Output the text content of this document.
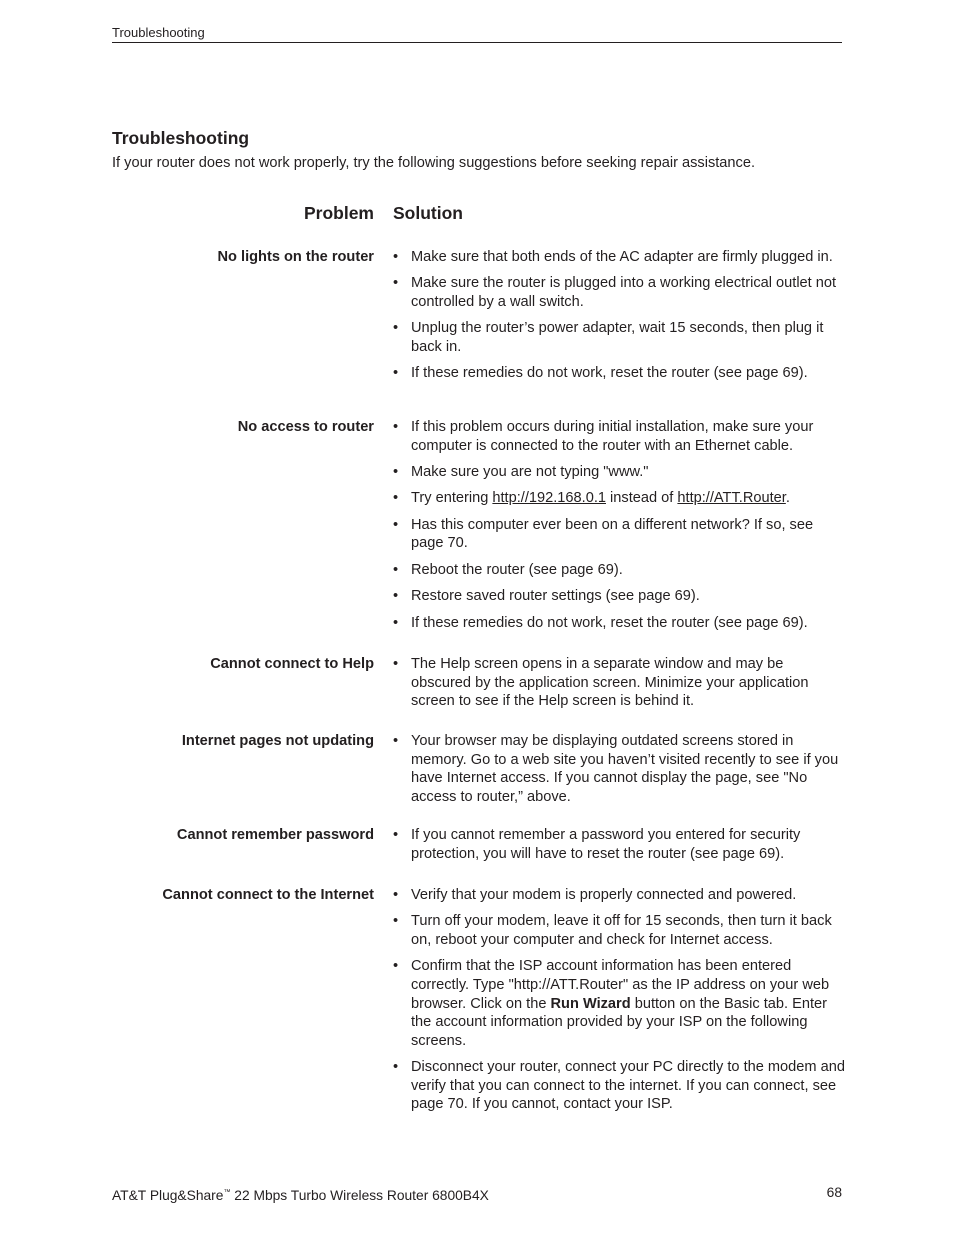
Troubleshooting
Troubleshooting

If your router does not work properly, try the following suggestions before seeking repair assistance.

Problem Solution
No lights on the router • Make sure that both ends of the AC adapter are firmly plugged in.
• Make sure the router is plugged into a working electrical outlet not controlled by a wall switch.
• Unplug the router’s power adapter, wait 15 seconds, then plug it back in.
• If these remedies do not work, reset the router (see page 69).
No access to router • If this problem occurs during initial installation, make sure your computer is connected to the router with an Ethernet cable.
• Make sure you are not typing "www."
• Try entering http://192.168.0.1 instead of http://ATT.Router.
• Has this computer ever been on a different network? If so, see page 70.
• Reboot the router (see page 69).
• Restore saved router settings (see page 69).
• If these remedies do not work, reset the router (see page 69).
Cannot connect to Help • The Help screen opens in a separate window and may be obscured by the application screen. Minimize your application screen to see if the Help screen is behind it.
Internet pages not updating • Your browser may be displaying outdated screens stored in memory. Go to a web site you haven’t visited recently to see if you have Internet access. If you cannot display the page, see "No access to router,” above.
Cannot remember password • If you cannot remember a password you entered for security protection, you will have to reset the router (see page 69).
Cannot connect to the Internet • Verify that your modem is properly connected and powered.
• Turn off your modem, leave it off for 15 seconds, then turn it back on, reboot your computer and check for Internet access.
• Confirm that the ISP account information has been entered correctly. Type "http://ATT.Router" as the IP address on your web browser. Click on the Run Wizard button on the Basic tab. Enter the account information provided by your ISP on the following screens.
• Disconnect your router, connect your PC directly to the modem and verify that you can connect to the internet. If you can connect, see page 70. If you cannot, contact your ISP.
AT&T Plug&Share™ 22 Mbps Turbo Wireless Router 6800B4X	68
